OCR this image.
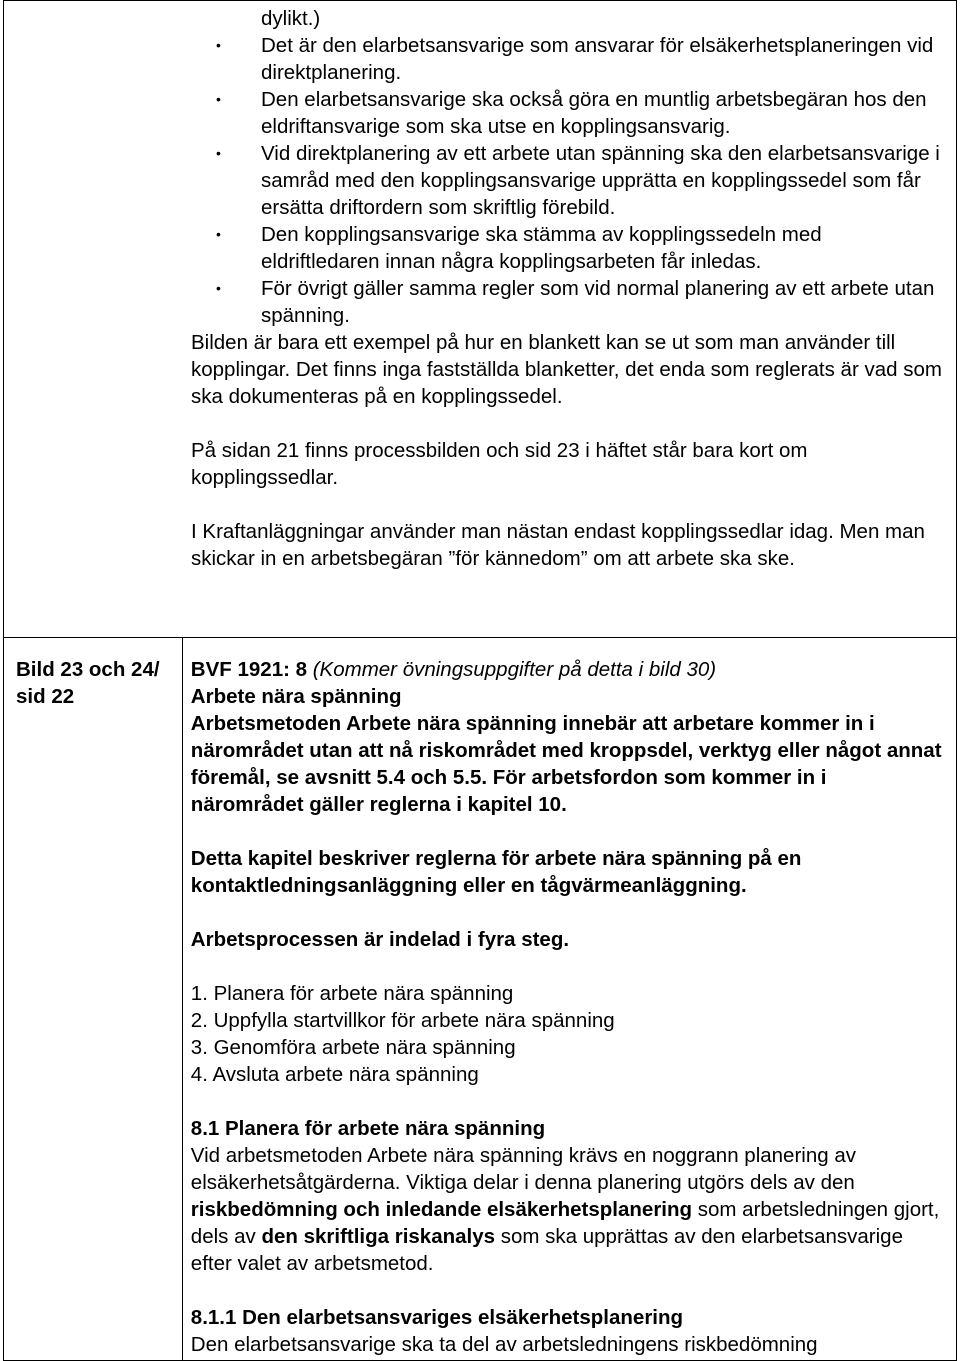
dylikt.)

• Det är den elarbetsansvarige som ansvarar för elsäkerhetsplaneringen vid direktplanering.
• Den elarbetsansvarige ska också göra en muntlig arbetsbegäran hos den eldriftansvarige som ska utse en kopplingsansvarig.
• Vid direktplanering av ett arbete utan spänning ska den elarbetsansvarige i samråd med den kopplingsansvarige upprätta en kopplingssedel som får ersätta driftordern som skriftlig förebild.
• Den kopplingsansvarige ska stämma av kopplingssedeln med eldriftledaren innan några kopplingsarbeten får inledas.
• För övrigt gäller samma regler som vid normal planering av ett arbete utan spänning.

Bilden är bara ett exempel på hur en blankett kan se ut som man använder till kopplingar. Det finns inga fastställda blanketter, det enda som reglerats är vad som ska dokumenteras på en kopplingssedel.

På sidan 21 finns processbilden och sid 23 i häftet står bara kort om kopplingssedlar.

I Kraftanläggningar använder man nästan endast kopplingssedlar idag. Men man skickar in en arbetsbegäran ”för kännedom” om att arbete ska ske.

Bild 23 och 24/ sid 22

BVF 1921: 8 (Kommer övningsuppgifter på detta i bild 30)

Arbete nära spänning

Arbetsmetoden Arbete nära spänning innebär att arbetare kommer in i närområdet utan att nå riskområdet med kroppsdel, verktyg eller något annat föremål, se avsnitt 5.4 och 5.5. För arbetsfordon som kommer in i närområdet gäller reglerna i kapitel 10.

Detta kapitel beskriver reglerna för arbete nära spänning på en kontaktledningsanläggning eller en tågvärmeanläggning.

Arbetsprocessen är indelad i fyra steg.

1. Planera för arbete nära spänning

2. Uppfylla startvillkor för arbete nära spänning

3. Genomföra arbete nära spänning

4. Avsluta arbete nära spänning

8.1 Planera för arbete nära spänning

Vid arbetsmetoden Arbete nära spänning krävs en noggrann planering av elsäkerhetsåtgärderna. Viktiga delar i denna planering utgörs dels av den riskbedömning och inledande elsäkerhetsplanering som arbetsledningen gjort, dels av den skriftliga riskanalys som ska upprättas av den elarbetsansvarige efter valet av arbetsmetod.

8.1.1 Den elarbetsansvariges elsäkerhetsplanering

Den elarbetsansvarige ska ta del av arbetsledningens riskbedömning
